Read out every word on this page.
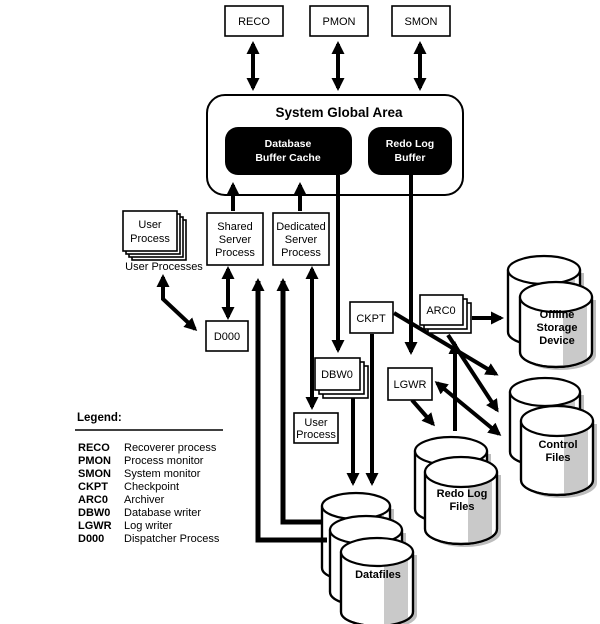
System Global Area
Database
Buffer Cache
Redo Log
Buffer
Offline
Storage
Device
Control
Files
Redo Log
Files
Datafiles
RECO	PMON	SMON
User
Process
User Processes
Shared
Server
Process
Dedicated
Server
Process
D000
CKPT
ARC0
DBW0
LGWR
User
Process
Legend:
RECO Recoverer process
PMON Process monitor
SMON System monitor
CKPT Checkpoint
ARC0 Archiver
DBW0 Database writer
LGWR Log writer
D000 Dispatcher Process
